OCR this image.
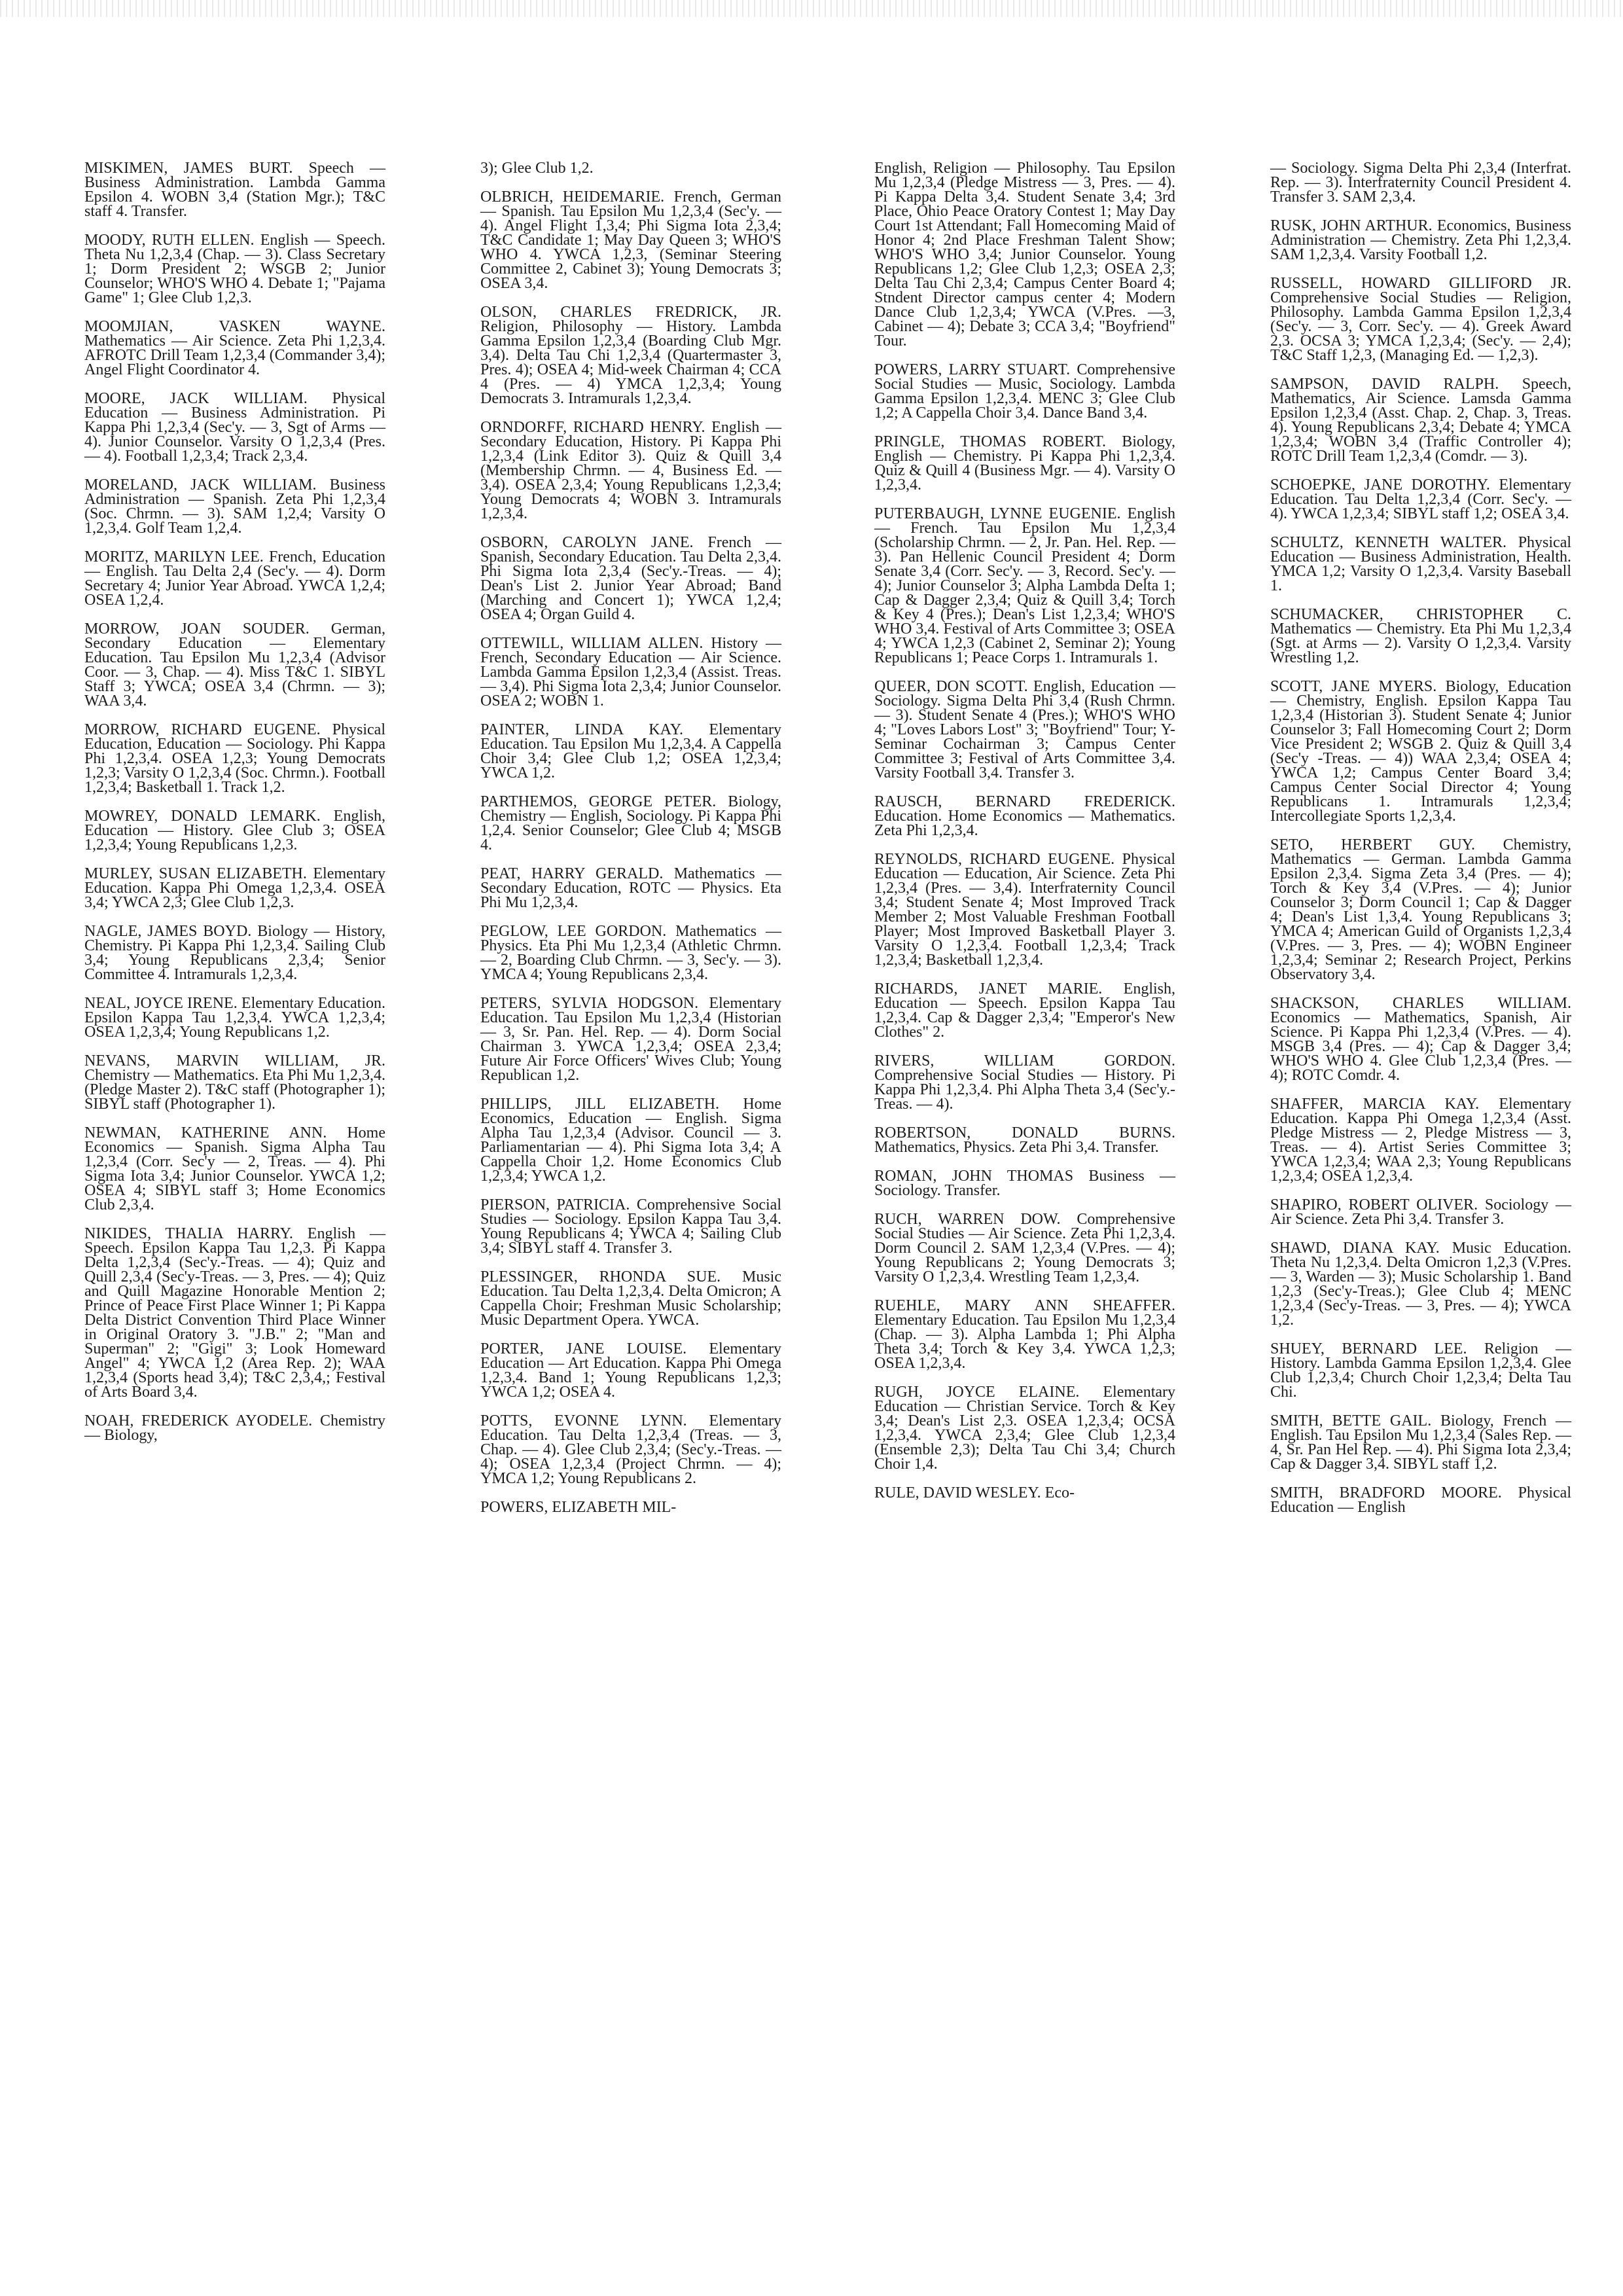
MISKIMEN, JAMES BURT. Speech — Business Administration. Lambda Gamma Epsilon 4. WOBN 3,4 (Station Mgr.); T&C staff 4. Transfer.

MOODY, RUTH ELLEN. English — Speech. Theta Nu 1,2,3,4 (Chap. — 3). Class Secretary 1; Dorm President 2; WSGB 2; Junior Counselor; WHO'S WHO 4. Debate 1; "Pajama Game" 1; Glee Club 1,2,3.

MOOMJIAN, VASKEN WAYNE. Mathematics — Air Science. Zeta Phi 1,2,3,4. AFROTC Drill Team 1,2,3,4 (Commander 3,4); Angel Flight Coordinator 4.

MOORE, JACK WILLIAM. Physical Education — Business Administration. Pi Kappa Phi 1,2,3,4 (Sec'y. — 3, Sgt of Arms — 4). Junior Counselor. Varsity O 1,2,3,4 (Pres. — 4). Football 1,2,3,4; Track 2,3,4.

MORELAND, JACK WILLIAM. Business Administration — Spanish. Zeta Phi 1,2,3,4 (Soc. Chrmn. — 3). SAM 1,2,4; Varsity O 1,2,3,4. Golf Team 1,2,4.

MORITZ, MARILYN LEE. French, Education — English. Tau Delta 2,4 (Sec'y. — 4). Dorm Secretary 4; Junior Year Abroad. YWCA 1,2,4; OSEA 1,2,4.

MORROW, JOAN SOUDER. German, Secondary Education — Elementary Education. Tau Epsilon Mu 1,2,3,4 (Advisor Coor. — 3, Chap. — 4). Miss T&C 1. SIBYL Staff 3; YWCA; OSEA 3,4 (Chrmn. — 3); WAA 3,4.

MORROW, RICHARD EUGENE. Physical Education, Education — Sociology. Phi Kappa Phi 1,2,3,4. OSEA 1,2,3; Young Democrats 1,2,3; Varsity O 1,2,3,4 (Soc. Chrmn.). Football 1,2,3,4; Basketball 1. Track 1,2.

MOWREY, DONALD LEMARK. English, Education — History. Glee Club 3; OSEA 1,2,3,4; Young Republicans 1,2,3.

MURLEY, SUSAN ELIZABETH. Elementary Education. Kappa Phi Omega 1,2,3,4. OSEA 3,4; YWCA 2,3; Glee Club 1,2,3.

NAGLE, JAMES BOYD. Biology — History, Chemistry. Pi Kappa Phi 1,2,3,4. Sailing Club 3,4; Young Republicans 2,3,4; Senior Committee 4. Intramurals 1,2,3,4.

NEAL, JOYCE IRENE. Elementary Education. Epsilon Kappa Tau 1,2,3,4. YWCA 1,2,3,4; OSEA 1,2,3,4; Young Republicans 1,2.

NEVANS, MARVIN WILLIAM, JR. Chemistry — Mathematics. Eta Phi Mu 1,2,3,4. (Pledge Master 2). T&C staff (Photographer 1); SIBYL staff (Photographer 1).

NEWMAN, KATHERINE ANN. Home Economics — Spanish. Sigma Alpha Tau 1,2,3,4 (Corr. Sec'y — 2, Treas. — 4). Phi Sigma Iota 3,4; Junior Counselor. YWCA 1,2; OSEA 4; SIBYL staff 3; Home Economics Club 2,3,4.

NIKIDES, THALIA HARRY. English — Speech. Epsilon Kappa Tau 1,2,3. Pi Kappa Delta 1,2,3,4 (Sec'y.-Treas. — 4); Quiz and Quill 2,3,4 (Sec'y-Treas. — 3, Pres. — 4); Quiz and Quill Magazine Honorable Mention 2; Prince of Peace First Place Winner 1; Pi Kappa Delta District Convention Third Place Winner in Original Oratory 3. "J.B." 2; "Man and Superman" 2; "Gigi" 3; Look Homeward Angel" 4; YWCA 1,2 (Area Rep. 2); WAA 1,2,3,4 (Sports head 3,4); T&C 2,3,4,; Festival of Arts Board 3,4.

NOAH, FREDERICK AYODELE. Chemistry — Biology,

3); Glee Club 1,2.

OLBRICH, HEIDEMARIE. French, German — Spanish. Tau Epsilon Mu 1,2,3,4 (Sec'y. — 4). Angel Flight 1,3,4; Phi Sigma Iota 2,3,4; T&C Candidate 1; May Day Queen 3; WHO'S WHO 4. YWCA 1,2,3, (Seminar Steering Committee 2, Cabinet 3); Young Democrats 3; OSEA 3,4.

OLSON, CHARLES FREDRICK, JR. Religion, Philosophy — History. Lambda Gamma Epsilon 1,2,3,4 (Boarding Club Mgr. 3,4). Delta Tau Chi 1,2,3,4 (Quartermaster 3, Pres. 4); OSEA 4; Mid-week Chairman 4; CCA 4 (Pres. — 4) YMCA 1,2,3,4; Young Democrats 3. Intramurals 1,2,3,4.

ORNDORFF, RICHARD HENRY. English — Secondary Education, History. Pi Kappa Phi 1,2,3,4 (Link Editor 3). Quiz & Quill 3,4 (Membership Chrmn. — 4, Business Ed. — 3,4). OSEA 2,3,4; Young Republicans 1,2,3,4; Young Democrats 4; WOBN 3. Intramurals 1,2,3,4.

OSBORN, CAROLYN JANE. French — Spanish, Secondary Education. Tau Delta 2,3,4. Phi Sigma Iota 2,3,4 (Sec'y.-Treas. — 4); Dean's List 2. Junior Year Abroad; Band (Marching and Concert 1); YWCA 1,2,4; OSEA 4; Organ Guild 4.

OTTEWILL, WILLIAM ALLEN. History — French, Secondary Education — Air Science. Lambda Gamma Epsilon 1,2,3,4 (Assist. Treas. — 3,4). Phi Sigma Iota 2,3,4; Junior Counselor. OSEA 2; WOBN 1.

PAINTER, LINDA KAY. Elementary Education. Tau Epsilon Mu 1,2,3,4. A Cappella Choir 3,4; Glee Club 1,2; OSEA 1,2,3,4; YWCA 1,2.

PARTHEMOS, GEORGE PETER. Biology, Chemistry — English, Sociology. Pi Kappa Phi 1,2,4. Senior Counselor; Glee Club 4; MSGB 4.

PEAT, HARRY GERALD. Mathematics — Secondary Education, ROTC — Physics. Eta Phi Mu 1,2,3,4.

PEGLOW, LEE GORDON. Mathematics — Physics. Eta Phi Mu 1,2,3,4 (Athletic Chrmn. — 2, Boarding Club Chrmn. — 3, Sec'y. — 3). YMCA 4; Young Republicans 2,3,4.

PETERS, SYLVIA HODGSON. Elementary Education. Tau Epsilon Mu 1,2,3,4 (Historian — 3, Sr. Pan. Hel. Rep. — 4). Dorm Social Chairman 3. YWCA 1,2,3,4; OSEA 2,3,4; Future Air Force Officers' Wives Club; Young Republican 1,2.

PHILLIPS, JILL ELIZABETH. Home Economics, Education — English. Sigma Alpha Tau 1,2,3,4 (Advisor. Council — 3. Parliamentarian — 4). Phi Sigma Iota 3,4; A Cappella Choir 1,2. Home Economics Club 1,2,3,4; YWCA 1,2.

PIERSON, PATRICIA. Comprehensive Social Studies — Sociology. Epsilon Kappa Tau 3,4. Young Republicans 4; YWCA 4; Sailing Club 3,4; SIBYL staff 4. Transfer 3.

PLESSINGER, RHONDA SUE. Music Education. Tau Delta 1,2,3,4. Delta Omicron; A Cappella Choir; Freshman Music Scholarship; Music Department Opera. YWCA.

PORTER, JANE LOUISE. Elementary Education — Art Education. Kappa Phi Omega 1,2,3,4. Band 1; Young Republicans 1,2,3; YWCA 1,2; OSEA 4.

POTTS, EVONNE LYNN. Elementary Education. Tau Delta 1,2,3,4 (Treas. — 3, Chap. — 4). Glee Club 2,3,4; (Sec'y.-Treas. — 4); OSEA 1,2,3,4 (Project Chrmn. — 4); YMCA 1,2; Young Republicans 2.

POWERS, ELIZABETH MIL-

English, Religion — Philosophy. Tau Epsilon Mu 1,2,3,4 (Pledge Mistress — 3, Pres. — 4). Pi Kappa Delta 3,4. Student Senate 3,4; 3rd Place, Ohio Peace Oratory Contest 1; May Day Court 1st Attendant; Fall Homecoming Maid of Honor 4; 2nd Place Freshman Talent Show; WHO'S WHO 3,4; Junior Counselor. Young Republicans 1,2; Glee Club 1,2,3; OSEA 2,3; Delta Tau Chi 2,3,4; Campus Center Board 4; Stndent Director campus center 4; Modern Dance Club 1,2,3,4; YWCA (V.Pres. —3, Cabinet — 4); Debate 3; CCA 3,4; "Boyfriend" Tour.

POWERS, LARRY STUART. Comprehensive Social Studies — Music, Sociology. Lambda Gamma Epsilon 1,2,3,4. MENC 3; Glee Club 1,2; A Cappella Choir 3,4. Dance Band 3,4.

PRINGLE, THOMAS ROBERT. Biology, English — Chemistry. Pi Kappa Phi 1,2,3,4. Quiz & Quill 4 (Business Mgr. — 4). Varsity O 1,2,3,4.

PUTERBAUGH, LYNNE EUGENIE. English — French. Tau Epsilon Mu 1,2,3,4 (Scholarship Chrmn. — 2, Jr. Pan. Hel. Rep. — 3). Pan Hellenic Council President 4; Dorm Senate 3,4 (Corr. Sec'y. — 3, Record. Sec'y. — 4); Junior Counselor 3; Alpha Lambda Delta 1; Cap & Dagger 2,3,4; Quiz & Quill 3,4; Torch & Key 4 (Pres.); Dean's List 1,2,3,4; WHO'S WHO 3,4. Festival of Arts Committee 3; OSEA 4; YWCA 1,2,3 (Cabinet 2, Seminar 2); Young Republicans 1; Peace Corps 1. Intramurals 1.

QUEER, DON SCOTT. English, Education — Sociology. Sigma Delta Phi 3,4 (Rush Chrmn. — 3). Student Senate 4 (Pres.); WHO'S WHO 4; "Loves Labors Lost" 3; "Boyfriend" Tour; Y-Seminar Cochairman 3; Campus Center Committee 3; Festival of Arts Committee 3,4. Varsity Football 3,4. Transfer 3.

RAUSCH, BERNARD FREDERICK. Education. Home Economics — Mathematics. Zeta Phi 1,2,3,4.

REYNOLDS, RICHARD EUGENE. Physical Education — Education, Air Science. Zeta Phi 1,2,3,4 (Pres. — 3,4). Interfraternity Council 3,4; Student Senate 4; Most Improved Track Member 2; Most Valuable Freshman Football Player; Most Improved Basketball Player 3. Varsity O 1,2,3,4. Football 1,2,3,4; Track 1,2,3,4; Basketball 1,2,3,4.

RICHARDS, JANET MARIE. English, Education — Speech. Epsilon Kappa Tau 1,2,3,4. Cap & Dagger 2,3,4; "Emperor's New Clothes" 2.

RIVERS, WILLIAM GORDON. Comprehensive Social Studies — History. Pi Kappa Phi 1,2,3,4. Phi Alpha Theta 3,4 (Sec'y.-Treas. — 4).

ROBERTSON, DONALD BURNS. Mathematics, Physics. Zeta Phi 3,4. Transfer.

ROMAN, JOHN THOMAS Business — Sociology. Transfer.

RUCH, WARREN DOW. Comprehensive Social Studies — Air Science. Zeta Phi 1,2,3,4. Dorm Council 2. SAM 1,2,3,4 (V.Pres. — 4); Young Republicans 2; Young Democrats 3; Varsity O 1,2,3,4. Wrestling Team 1,2,3,4.

RUEHLE, MARY ANN SHEAFFER. Elementary Education. Tau Epsilon Mu 1,2,3,4 (Chap. — 3). Alpha Lambda 1; Phi Alpha Theta 3,4; Torch & Key 3,4. YWCA 1,2,3; OSEA 1,2,3,4.

RUGH, JOYCE ELAINE. Elementary Education — Christian Service. Torch & Key 3,4; Dean's List 2,3. OSEA 1,2,3,4; OCSA 1,2,3,4. YWCA 2,3,4; Glee Club 1,2,3,4 (Ensemble 2,3); Delta Tau Chi 3,4; Church Choir 1,4.

RULE, DAVID WESLEY. Eco-

— Sociology. Sigma Delta Phi 2,3,4 (Interfrat. Rep. — 3). Interfraternity Council President 4. Transfer 3. SAM 2,3,4.

RUSK, JOHN ARTHUR. Economics, Business Administration — Chemistry. Zeta Phi 1,2,3,4. SAM 1,2,3,4. Varsity Football 1,2.

RUSSELL, HOWARD GILLIFORD JR. Comprehensive Social Studies — Religion, Philosophy. Lambda Gamma Epsilon 1,2,3,4 (Sec'y. — 3, Corr. Sec'y. — 4). Greek Award 2,3. OCSA 3; YMCA 1,2,3,4; (Sec'y. — 2,4); T&C Staff 1,2,3, (Managing Ed. — 1,2,3).

SAMPSON, DAVID RALPH. Speech, Mathematics, Air Science. Lamsda Gamma Epsilon 1,2,3,4 (Asst. Chap. 2, Chap. 3, Treas. 4). Young Republicans 2,3,4; Debate 4; YMCA 1,2,3,4; WOBN 3,4 (Traffic Controller 4); ROTC Drill Team 1,2,3,4 (Comdr. — 3).

SCHOEPKE, JANE DOROTHY. Elementary Education. Tau Delta 1,2,3,4 (Corr. Sec'y. — 4). YWCA 1,2,3,4; SIBYL staff 1,2; OSEA 3,4.

SCHULTZ, KENNETH WALTER. Physical Education — Business Administration, Health. YMCA 1,2; Varsity O 1,2,3,4. Varsity Baseball 1.

SCHUMACKER, CHRISTOPHER C. Mathematics — Chemistry. Eta Phi Mu 1,2,3,4 (Sgt. at Arms — 2). Varsity O 1,2,3,4. Varsity Wrestling 1,2.

SCOTT, JANE MYERS. Biology, Education — Chemistry, English. Epsilon Kappa Tau 1,2,3,4 (Historian 3). Student Senate 4; Junior Counselor 3; Fall Homecoming Court 2; Dorm Vice President 2; WSGB 2. Quiz & Quill 3,4 (Sec'y -Treas. — 4)) WAA 2,3,4; OSEA 4; YWCA 1,2; Campus Center Board 3,4; Campus Center Social Director 4; Young Republicans 1. Intramurals 1,2,3,4; Intercollegiate Sports 1,2,3,4.

SETO, HERBERT GUY. Chemistry, Mathematics — German. Lambda Gamma Epsilon 2,3,4. Sigma Zeta 3,4 (Pres. — 4); Torch & Key 3,4 (V.Pres. — 4); Junior Counselor 3; Dorm Council 1; Cap & Dagger 4; Dean's List 1,3,4. Young Republicans 3; YMCA 4; American Guild of Organists 1,2,3,4 (V.Pres. — 3, Pres. — 4); WOBN Engineer 1,2,3,4; Seminar 2; Research Project, Perkins Observatory 3,4.

SHACKSON, CHARLES WILLIAM. Economics — Mathematics, Spanish, Air Science. Pi Kappa Phi 1,2,3,4 (V.Pres. — 4). MSGB 3,4 (Pres. — 4); Cap & Dagger 3,4; WHO'S WHO 4. Glee Club 1,2,3,4 (Pres. — 4); ROTC Comdr. 4.

SHAFFER, MARCIA KAY. Elementary Education. Kappa Phi Omega 1,2,3,4 (Asst. Pledge Mistress — 2, Pledge Mistress — 3, Treas. — 4). Artist Series Committee 3; YWCA 1,2,3,4; WAA 2,3; Young Republicans 1,2,3,4; OSEA 1,2,3,4.

SHAPIRO, ROBERT OLIVER. Sociology — Air Science. Zeta Phi 3,4. Transfer 3.

SHAWD, DIANA KAY. Music Education. Theta Nu 1,2,3,4. Delta Omicron 1,2,3 (V.Pres. — 3, Warden — 3); Music Scholarship 1. Band 1,2,3 (Sec'y-Treas.); Glee Club 4; MENC 1,2,3,4 (Sec'y-Treas. — 3, Pres. — 4); YWCA 1,2.

SHUEY, BERNARD LEE. Religion — History. Lambda Gamma Epsilon 1,2,3,4. Glee Club 1,2,3,4; Church Choir 1,2,3,4; Delta Tau Chi.

SMITH, BETTE GAIL. Biology, French — English. Tau Epsilon Mu 1,2,3,4 (Sales Rep. — 4, Sr. Pan Hel Rep. — 4). Phi Sigma Iota 2,3,4; Cap & Dagger 3,4. SIBYL staff 1,2.

SMITH, BRADFORD MOORE. Physical Education — English
